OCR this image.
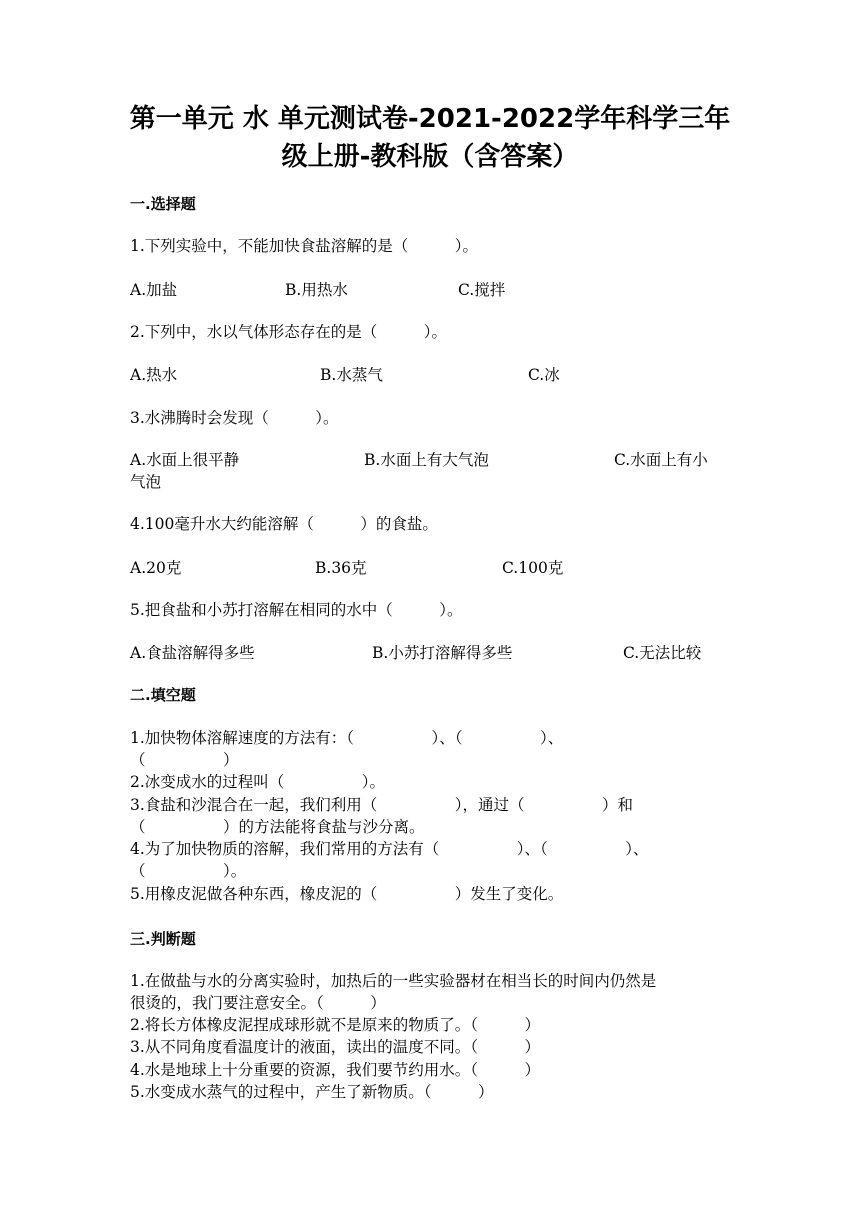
第一单元 水 单元测试卷-2021-2022学年科学三年
级上册-教科版（含答案）
一.选择题
1.下列实验中，不能加快食盐溶解的是（　　　）。
A.加盐	B.用热水	C.搅拌
2.下列中，水以气体形态存在的是（　　　）。
A.热水	B.水蒸气	C.冰
3.水沸腾时会发现（　　　）。
A.水面上很平静	B.水面上有大气泡	C.水面上有小
气泡
4.100毫升水大约能溶解（　　　）的食盐。
A.20克	B.36克	C.100克
5.把食盐和小苏打溶解在相同的水中（　　　）。
A.食盐溶解得多些	B.小苏打溶解得多些	C.无法比较
二.填空题
1.加快物体溶解速度的方法有：（　　　　　）、（　　　　　）、
（　　　　　）
2.冰变成水的过程叫（　　　　　）。
3.食盐和沙混合在一起，我们利用（　　　　　），通过（　　　　　）和
（　　　　　）的方法能将食盐与沙分离。
4.为了加快物质的溶解，我们常用的方法有（　　　　　）、（　　　　　）、
（　　　　　）。
5.用橡皮泥做各种东西，橡皮泥的（　　　　　）发生了变化。
三.判断题
1.在做盐与水的分离实验时，加热后的一些实验器材在相当长的时间内仍然是
很烫的，我门要注意安全。（　　　）
2.将长方体橡皮泥捏成球形就不是原来的物质了。（　　　）
3.从不同角度看温度计的液面，读出的温度不同。（　　　）
4.水是地球上十分重要的资源，我们要节约用水。（　　　）
5.水变成水蒸气的过程中，产生了新物质。（　　　）
